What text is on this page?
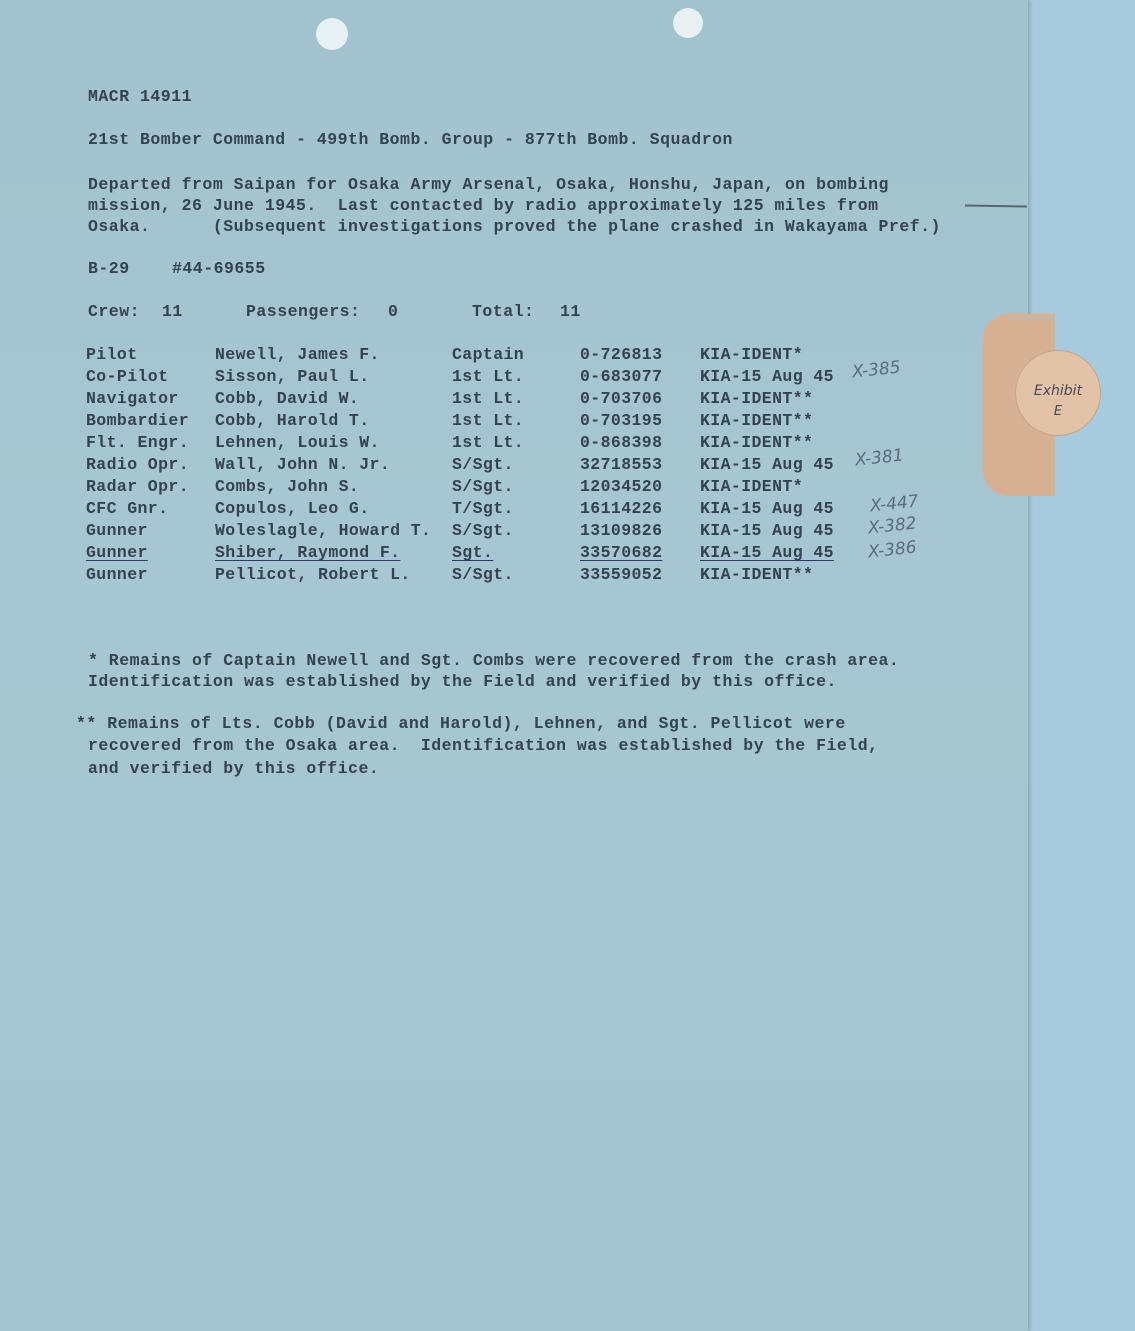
MACR 14911
21st Bomber Command - 499th Bomb. Group - 877th Bomb. Squadron
Departed from Saipan for Osaka Army Arsenal, Osaka, Honshu, Japan, on bombing
mission, 26 June 1945.  Last contacted by radio approximately 125 miles from
Osaka.      (Subsequent investigations proved the plane crashed in Wakayama Pref.)
B-29	#44-69655
Crew: 11	Passengers: 0	Total: 11
Pilot	Newell, James F.	Captain	0-726813 KIA-IDENT*
Co-Pilot	Sisson, Paul L.	1st Lt.	0-683077 KIA-15 Aug 45
Navigator Cobb, David W.	1st Lt.	0-703706 KIA-IDENT**
Bombardier Cobb, Harold T.	1st Lt.	0-703195 KIA-IDENT**
Flt. Engr. Lehnen, Louis W.	1st Lt.	0-868398 KIA-IDENT**
Radio Opr. Wall, John N. Jr.	S/Sgt.	32718553 KIA-15 Aug 45
Radar Opr. Combs, John S.	S/Sgt.	12034520 KIA-IDENT*
CFC Gnr.	Copulos, Leo G.	T/Sgt.	16114226 KIA-15 Aug 45
Gunner	Woleslagle, Howard T. S/Sgt.	13109826 KIA-15 Aug 45
Gunner	Shiber, Raymond F.	Sgt.	33570682 KIA-15 Aug 45
Gunner	Pellicot, Robert L.	S/Sgt.	33559052 KIA-IDENT**
X-385
X-381
X-447
X-382
X-386
* Remains of Captain Newell and Sgt. Combs were recovered from the crash area.
Identification was established by the Field and verified by this office.
** Remains of Lts. Cobb (David and Harold), Lehnen, and Sgt. Pellicot were
recovered from the Osaka area.  Identification was established by the Field,
and verified by this office.
Exhibit
E
